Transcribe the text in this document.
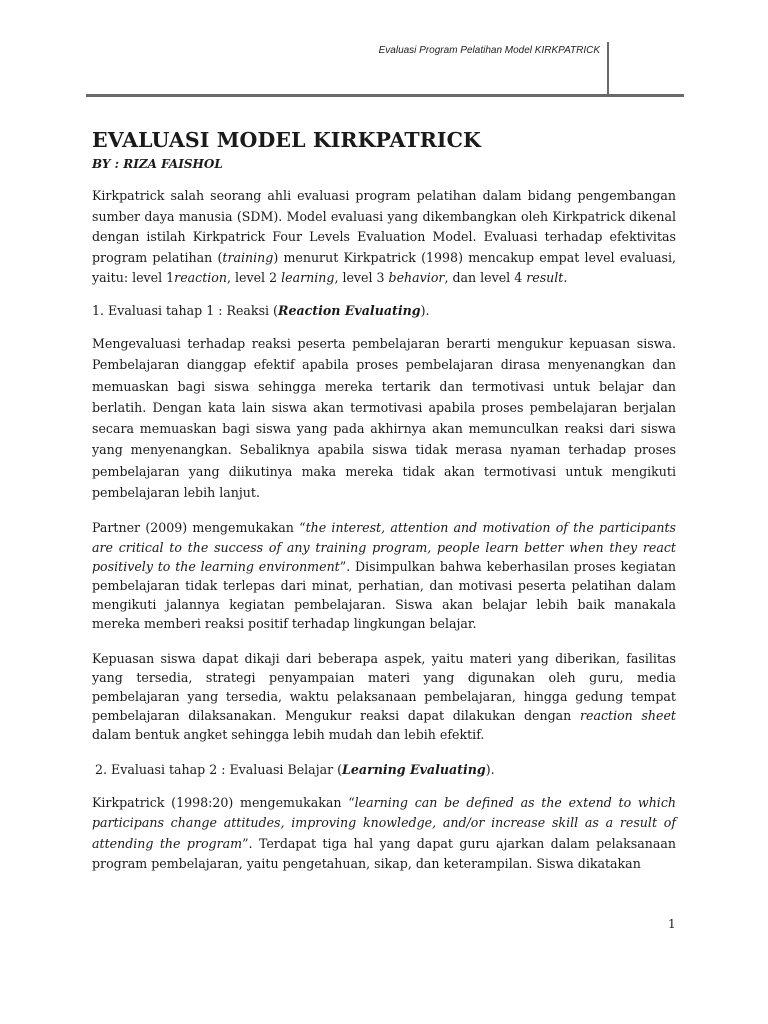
Evaluasi Program Pelatihan Model KIRKPATRICK
EVALUASI MODEL KIRKPATRICK
BY : RIZA FAISHOL

Kirkpatrick salah seorang ahli evaluasi program pelatihan dalam bidang pengembangan sumber daya manusia (SDM). Model evaluasi yang dikembangkan oleh Kirkpatrick dikenal dengan istilah Kirkpatrick Four Levels Evaluation Model. Evaluasi terhadap efektivitas program pelatihan (training) menurut Kirkpatrick (1998) mencakup empat level evaluasi, yaitu: level 1reaction, level 2 learning, level 3 behavior, dan level 4 result.

1. Evaluasi tahap 1 : Reaksi (Reaction Evaluating).

Mengevaluasi terhadap reaksi peserta pembelajaran berarti mengukur kepuasan siswa. Pembelajaran dianggap efektif apabila proses pembelajaran dirasa menyenangkan dan memuaskan bagi siswa sehingga mereka tertarik dan termotivasi untuk belajar dan berlatih. Dengan kata lain siswa akan termotivasi apabila proses pembelajaran berjalan secara memuaskan bagi siswa yang pada akhirnya akan memunculkan reaksi dari siswa yang menyenangkan. Sebaliknya apabila siswa tidak merasa nyaman terhadap proses pembelajaran yang diikutinya maka mereka tidak akan termotivasi untuk mengikuti pembelajaran lebih lanjut.

Partner (2009) mengemukakan “the interest, attention and motivation of the participants are critical to the success of any training program, people learn better when they react positively to the learning environment”. Disimpulkan bahwa keberhasilan proses kegiatan pembelajaran tidak terlepas dari minat, perhatian, dan motivasi peserta pelatihan dalam mengikuti jalannya kegiatan pembelajaran. Siswa akan belajar lebih baik manakala mereka memberi reaksi positif terhadap lingkungan belajar.

Kepuasan siswa dapat dikaji dari beberapa aspek, yaitu materi yang diberikan, fasilitas yang tersedia, strategi penyampaian materi yang digunakan oleh guru, media pembelajaran yang tersedia, waktu pelaksanaan pembelajaran, hingga gedung tempat pembelajaran dilaksanakan. Mengukur reaksi dapat dilakukan dengan reaction sheet dalam bentuk angket sehingga lebih mudah dan lebih efektif.

2. Evaluasi tahap 2 : Evaluasi Belajar (Learning Evaluating).

Kirkpatrick (1998:20) mengemukakan “learning can be defined as the extend to which participans change attitudes, improving knowledge, and/or increase skill as a result of attending the program”. Terdapat tiga hal yang dapat guru ajarkan dalam pelaksanaan program pembelajaran, yaitu pengetahuan, sikap, dan keterampilan. Siswa dikatakan

1
